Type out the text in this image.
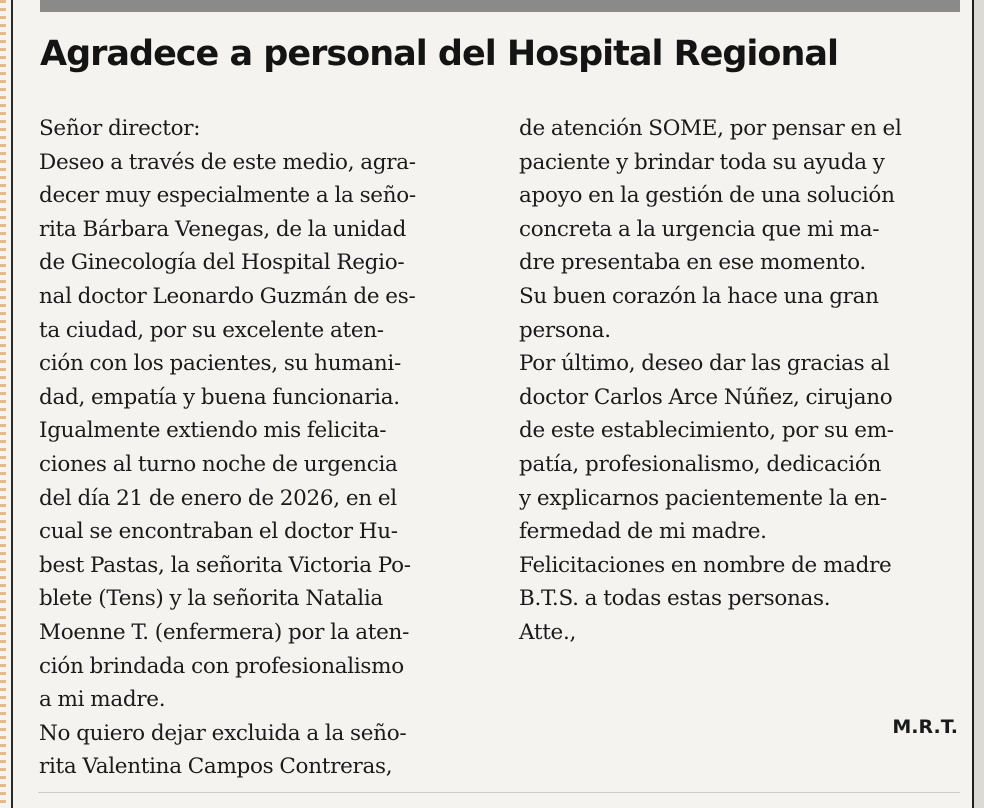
Agradece a personal del Hospital Regional
Señor director:
Deseo a través de este medio, agra-
decer muy especialmente a la seño-
rita Bárbara Venegas, de la unidad
de Ginecología del Hospital Regio-
nal doctor Leonardo Guzmán de es-
ta ciudad, por su excelente aten-
ción con los pacientes, su humani-
dad, empatía y buena funcionaria.
Igualmente extiendo mis felicita-
ciones al turno noche de urgencia
del día 21 de enero de 2026, en el
cual se encontraban el doctor Hu-
best Pastas, la señorita Victoria Po-
blete (Tens) y la señorita Natalia
Moenne T. (enfermera) por la aten-
ción brindada con profesionalismo
a mi madre.
No quiero dejar excluida a la seño-
rita Valentina Campos Contreras,
de atención SOME, por pensar en el
paciente y brindar toda su ayuda y
apoyo en la gestión de una solución
concreta a la urgencia que mi ma-
dre presentaba en ese momento.
Su buen corazón la hace una gran
persona.
Por último, deseo dar las gracias al
doctor Carlos Arce Núñez, cirujano
de este establecimiento, por su em-
patía, profesionalismo, dedicación
y explicarnos pacientemente la en-
fermedad de mi madre.
Felicitaciones en nombre de madre
B.T.S. a todas estas personas.
Atte.,
M.R.T.
